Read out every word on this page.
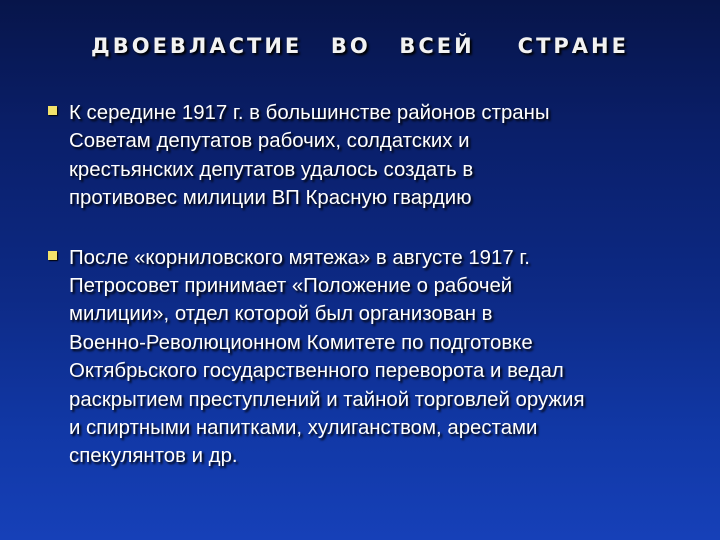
ДВОЕВЛАСТИЕ  ВО  ВСЕЙ   СТРАНЕ
К середине 1917 г. в большинстве районов страны
Советам депутатов рабочих, солдатских и
крестьянских депутатов удалось создать в
противовес милиции ВП Красную гвардию
После «корниловского мятежа» в августе 1917 г.
Петросовет принимает «Положение о рабочей
милиции», отдел которой был организован в
Военно-Революционном Комитете по подготовке
Октябрьского государственного переворота и ведал
раскрытием преступлений и тайной торговлей оружия
и спиртными напитками, хулиганством, арестами
спекулянтов и др.
